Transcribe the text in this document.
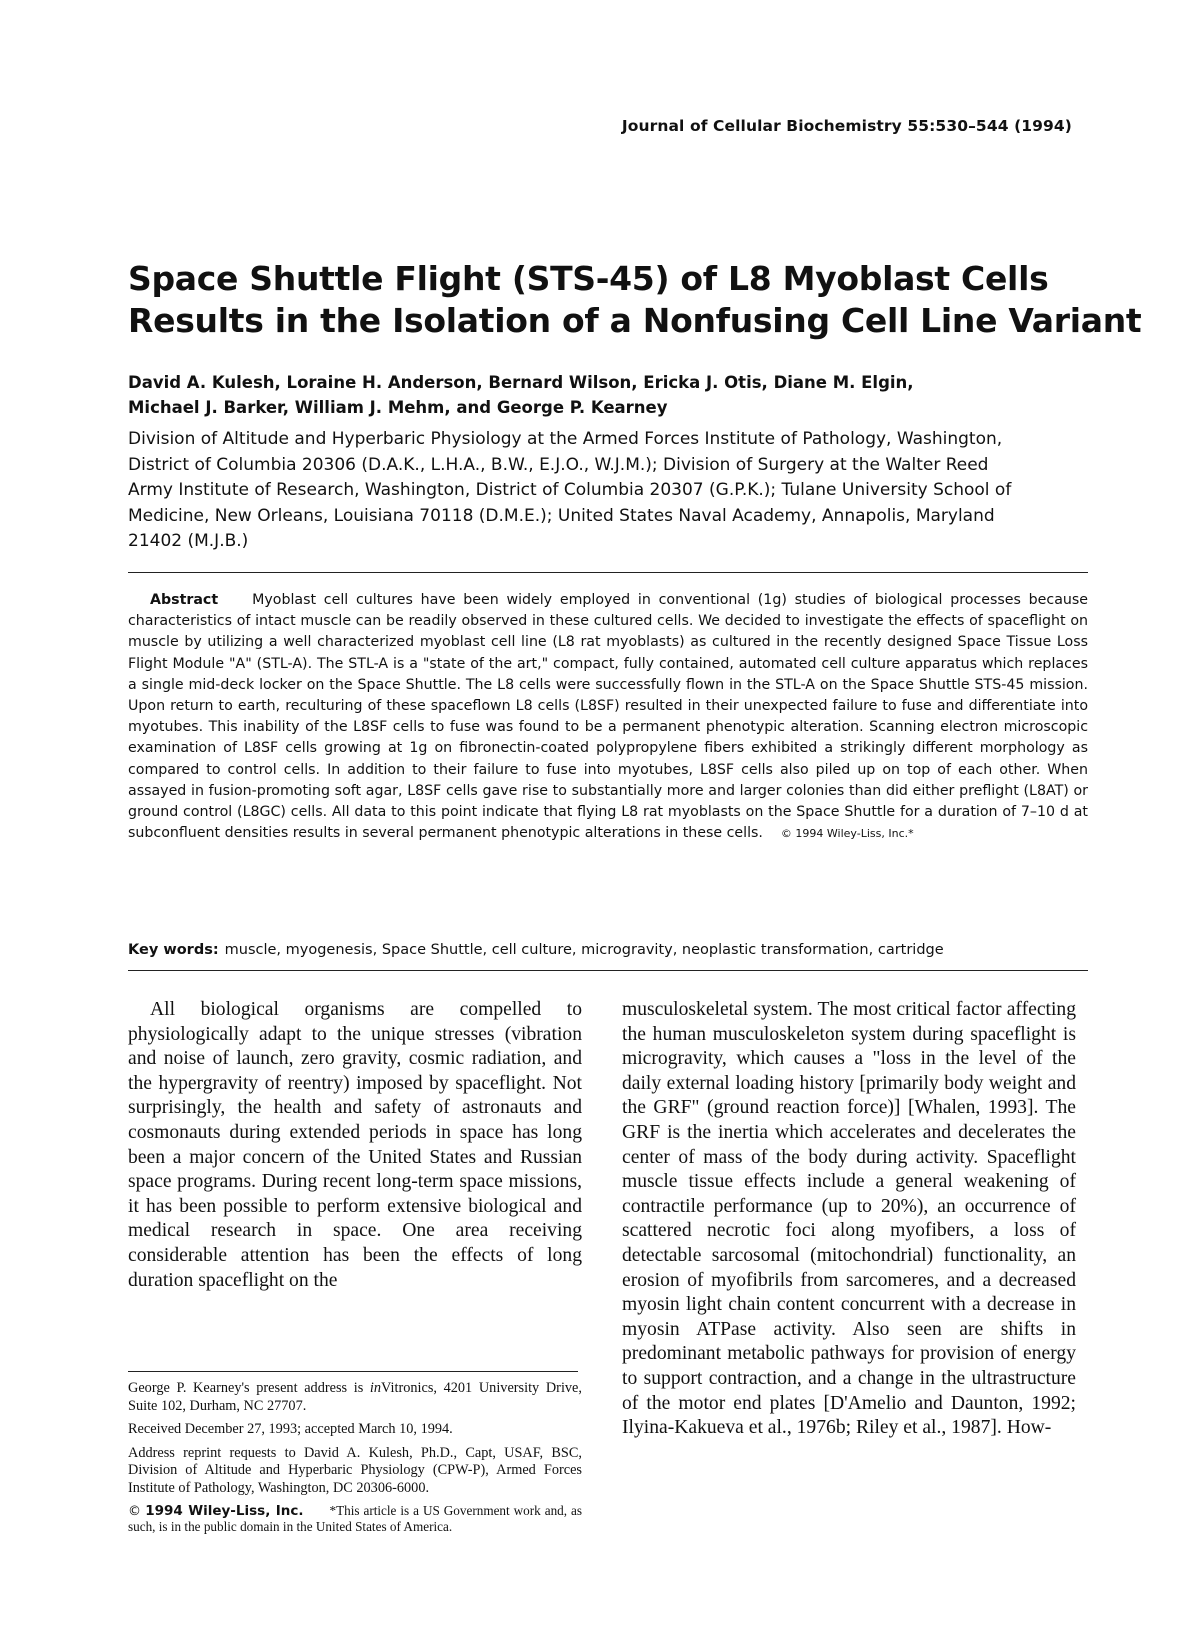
Journal of Cellular Biochemistry 55:530–544 (1994)
Space Shuttle Flight (STS-45) of L8 Myoblast Cells
Results in the Isolation of a Nonfusing Cell Line Variant
David A. Kulesh, Loraine H. Anderson, Bernard Wilson, Ericka J. Otis, Diane M. Elgin,
Michael J. Barker, William J. Mehm, and George P. Kearney
Division of Altitude and Hyperbaric Physiology at the Armed Forces Institute of Pathology, Washington,
District of Columbia 20306 (D.A.K., L.H.A., B.W., E.J.O., W.J.M.); Division of Surgery at the Walter Reed
Army Institute of Research, Washington, District of Columbia 20307 (G.P.K.); Tulane University School of
Medicine, New Orleans, Louisiana 70118 (D.M.E.); United States Naval Academy, Annapolis, Maryland
21402 (M.J.B.)
Abstract Myoblast cell cultures have been widely employed in conventional (1g) studies of biological processes because characteristics of intact muscle can be readily observed in these cultured cells. We decided to investigate the effects of spaceflight on muscle by utilizing a well characterized myoblast cell line (L8 rat myoblasts) as cultured in the recently designed Space Tissue Loss Flight Module "A" (STL-A). The STL-A is a "state of the art," compact, fully contained, automated cell culture apparatus which replaces a single mid-deck locker on the Space Shuttle. The L8 cells were successfully flown in the STL-A on the Space Shuttle STS-45 mission. Upon return to earth, reculturing of these spaceflown L8 cells (L8SF) resulted in their unexpected failure to fuse and differentiate into myotubes. This inability of the L8SF cells to fuse was found to be a permanent phenotypic alteration. Scanning electron microscopic examination of L8SF cells growing at 1g on fibronectin-coated polypropylene fibers exhibited a strikingly different morphology as compared to control cells. In addition to their failure to fuse into myotubes, L8SF cells also piled up on top of each other. When assayed in fusion-promoting soft agar, L8SF cells gave rise to substantially more and larger colonies than did either preflight (L8AT) or ground control (L8GC) cells. All data to this point indicate that flying L8 rat myoblasts on the Space Shuttle for a duration of 7–10 d at subconfluent densities results in several permanent phenotypic alterations in these cells. © 1994 Wiley-Liss, Inc.*
Key words: muscle, myogenesis, Space Shuttle, cell culture, microgravity, neoplastic transformation, cartridge
All biological organisms are compelled to physiologically adapt to the unique stresses (vibration and noise of launch, zero gravity, cosmic radiation, and the hypergravity of reentry) imposed by spaceflight. Not surprisingly, the health and safety of astronauts and cosmonauts during extended periods in space has long been a major concern of the United States and Russian space programs. During recent long-term space missions, it has been possible to perform extensive biological and medical research in space. One area receiving considerable attention has been the effects of long duration spaceflight on the
musculoskeletal system. The most critical factor affecting the human musculoskeleton system during spaceflight is microgravity, which causes a "loss in the level of the daily external loading history [primarily body weight and the GRF" (ground reaction force)] [Whalen, 1993]. The GRF is the inertia which accelerates and decelerates the center of mass of the body during activity. Spaceflight muscle tissue effects include a general weakening of contractile performance (up to 20%), an occurrence of scattered necrotic foci along myofibers, a loss of detectable sarcosomal (mitochondrial) functionality, an erosion of myofibrils from sarcomeres, and a decreased myosin light chain content concurrent with a decrease in myosin ATPase activity. Also seen are shifts in predominant metabolic pathways for provision of energy to support contraction, and a change in the ultrastructure of the motor end plates [D'Amelio and Daunton, 1992; Ilyina-Kakueva et al., 1976b; Riley et al., 1987]. How-

George P. Kearney's present address is inVitronics, 4201 University Drive, Suite 102, Durham, NC 27707.

Received December 27, 1993; accepted March 10, 1994.

Address reprint requests to David A. Kulesh, Ph.D., Capt, USAF, BSC, Division of Altitude and Hyperbaric Physiology (CPW-P), Armed Forces Institute of Pathology, Washington, DC 20306-6000.

© 1994 Wiley-Liss, Inc. *This article is a US Government work and, as such, is in the public domain in the United States of America.
